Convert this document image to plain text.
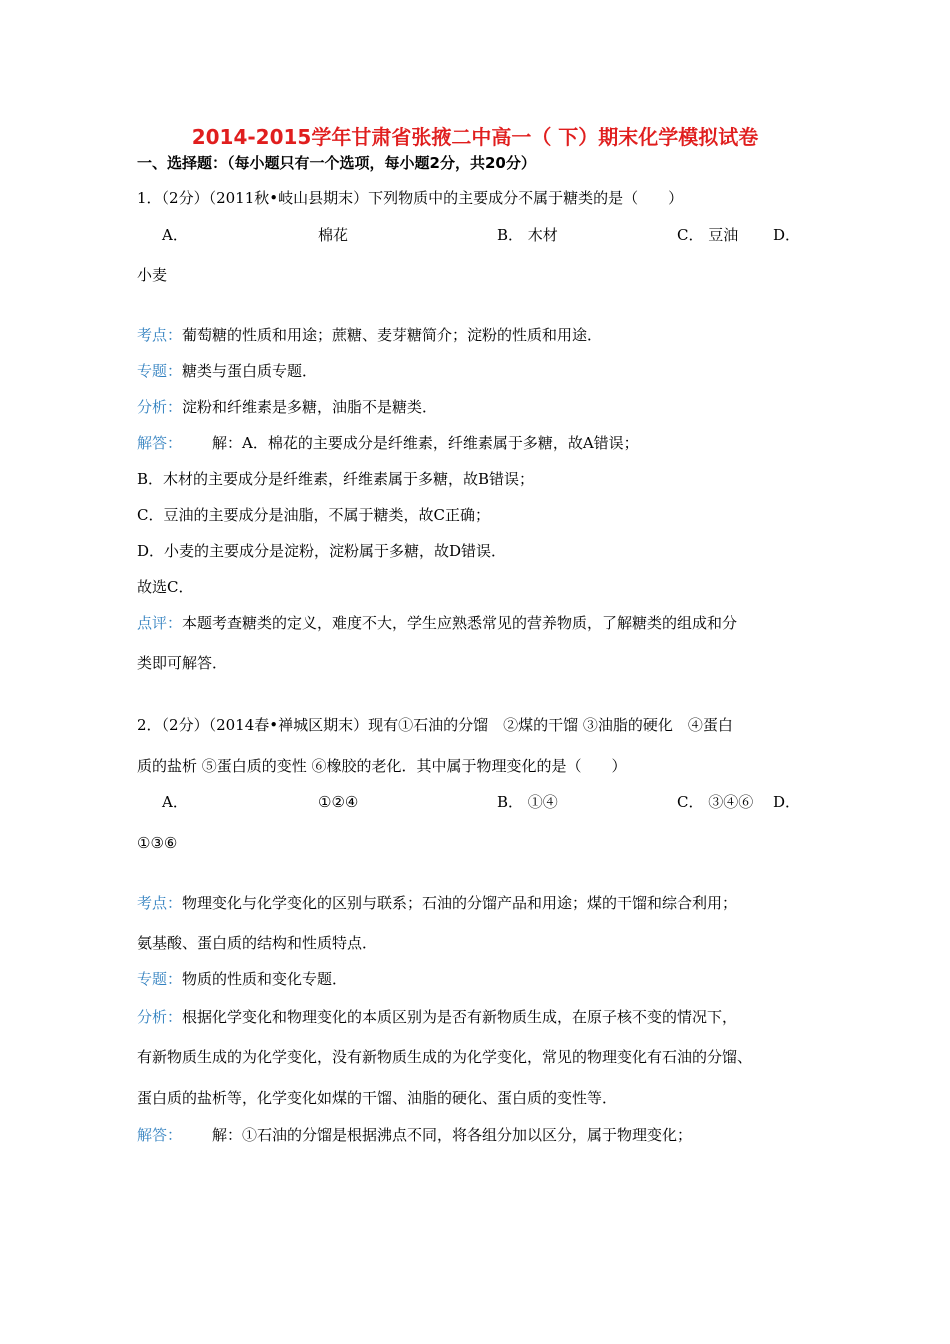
2014-2015学年甘肃省张掖二中高一（ 下）期末化学模拟试卷
一、选择题：（每小题只有一个选项，每小题2分，共20分）
1．（2分）（2011秋•岐山县期末）下列物质中的主要成分不属于糖类的是（　　）
A．	棉花	B． 木材	C． 豆油 D．
小麦
考点：葡萄糖的性质和用途；蔗糖、麦芽糖简介；淀粉的性质和用途．
专题：糖类与蛋白质专题．
分析：淀粉和纤维素是多糖，油脂不是糖类．
解答： 解：A．棉花的主要成分是纤维素，纤维素属于多糖，故A错误；
B．木材的主要成分是纤维素，纤维素属于多糖，故B错误；
C．豆油的主要成分是油脂，不属于糖类，故C正确；
D．小麦的主要成分是淀粉，淀粉属于多糖，故D错误．
故选C．
点评：本题考查糖类的定义，难度不大，学生应熟悉常见的营养物质，了解糖类的组成和分
类即可解答．
2．（2分）（2014春•禅城区期末）现有①石油的分馏　②煤的干馏 ③油脂的硬化　④蛋白
质的盐析 ⑤蛋白质的变性 ⑥橡胶的老化．其中属于物理变化的是（　　）
A．	①②④	B． ①④	C． ③④⑥ D．
①③⑥
考点：物理变化与化学变化的区别与联系；石油的分馏产品和用途；煤的干馏和综合利用；
氨基酸、蛋白质的结构和性质特点．
专题：物质的性质和变化专题．
分析：根据化学变化和物理变化的本质区别为是否有新物质生成，在原子核不变的情况下，
有新物质生成的为化学变化，没有新物质生成的为化学变化，常见的物理变化有石油的分馏、
蛋白质的盐析等，化学变化如煤的干馏、油脂的硬化、蛋白质的变性等．
解答： 解：①石油的分馏是根据沸点不同，将各组分加以区分，属于物理变化；
